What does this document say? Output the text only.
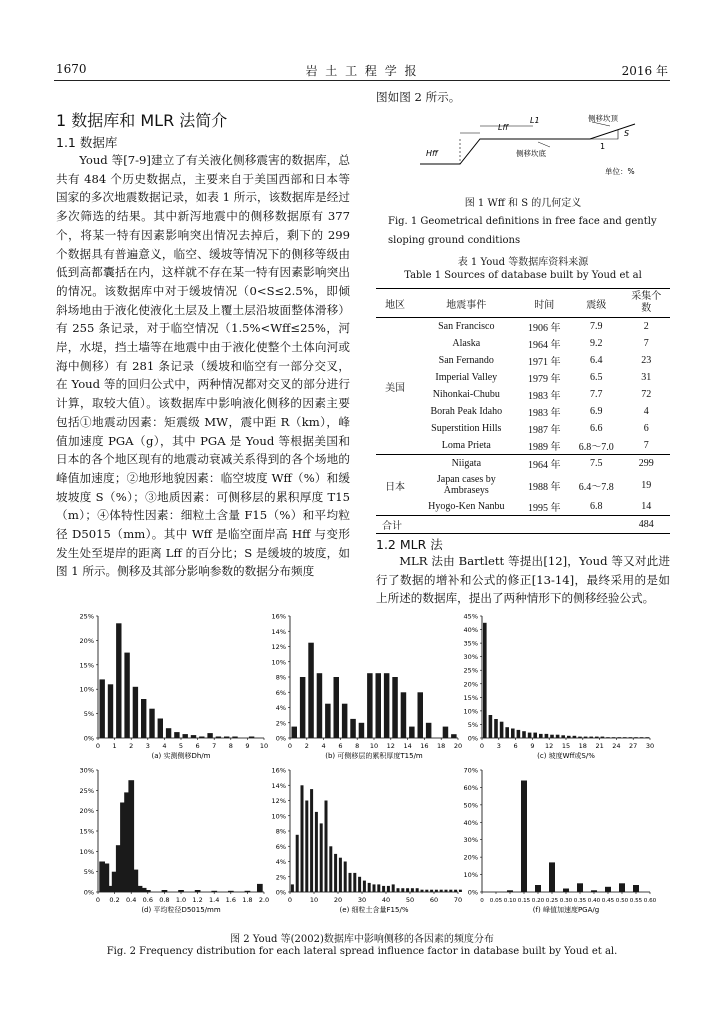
1670	岩 土 工 程 学 报	2016 年
1 数据库和 MLR 法简介
1.1 数据库

Youd 等[7-9]建立了有关液化侧移震害的数据库，总共有 484 个历史数据点，主要来自于美国西部和日本等国家的多次地震数据记录，如表 1 所示，该数据库是经过多次筛选的结果。其中新泻地震中的侧移数据原有 377 个，将某一特有因素影响突出情况去掉后，剩下的 299 个数据具有普遍意义，临空、缓坡等情况下的侧移等级由低到高都囊括在内，这样就不存在某一特有因素影响突出的情况。该数据库中对于缓坡情况（0<S≤2.5%，即倾斜场地由于液化使液化土层及上覆土层沿坡面整体滑移）有 255 条记录，对于临空情况（1.5%<Wff≤25%，河岸，水堤，挡土墙等在地震中由于液化使整个土体向河或海中侧移）有 281 条记录（缓坡和临空有一部分交叉，在 Youd 等的回归公式中，两种情况都对交叉的部分进行计算，取较大值）。该数据库中影响液化侧移的因素主要包括①地震动因素：矩震级 MW，震中距 R（km），峰值加速度 PGA（g），其中 PGA 是 Youd 等根据美国和日本的各个地区现有的地震动衰减关系得到的各个场地的峰值加速度；②地形地貌因素：临空坡度 Wff（%）和缓坡坡度 S（%）；③地质因素：可侧移层的累积厚度 T15（m）；④体特性因素：细粒土含量 F15（%）和平均粒径 D5015（mm）。其中 Wff 是临空面岸高 Hff 与变形发生处至堤岸的距离 Lff 的百分比；S 是缓坡的坡度，如图 1 所示。侧移及其部分影响参数的数据分布频度

图如图 2 所示。

Lff
Hff
L1	侧移坎顶
侧移坎底
S
1
单位：%
图 1 Wff 和 S 的几何定义
Fig. 1 Geometrical definitions in free face and gently sloping ground conditions
表 1 Youd 等数据库资料来源
Table 1 Sources of database built by Youd et al
地区	地震事件	时间	震级	采集个数
美国	San Francisco	1906 年	7.9	2
	Alaska	1964 年	9.2	7
	San Fernando	1971 年	6.4	23
	Imperial Valley	1979 年	6.5	31
	Nihonkai-Chubu	1983 年	7.7	72
	Borah Peak Idaho	1983 年	6.9	4
	Superstition Hills	1987 年	6.6	6
	Loma Prieta	1989 年	6.8～7.0	7
日本	Niigata	1964 年	7.5	299
	Japan cases by Ambraseys	1988 年	6.4～7.8	19
	Hyogo-Ken Nanbu	1995 年	6.8	14
合计				484
1.2 MLR 法

MLR 法由 Bartlett 等提出[12]，Youd 等又对此进行了数据的增补和公式的修正[13-14]，最终采用的是如上所述的数据库，提出了两种情形下的侧移经验公式。

0%
5%
10%
15%
20%
25%
0 1 2 3 4 5 6 7 8 9 10
(a) 实测侧移Dh/m
0%
2%
4%
6%
8%
10%
12%
14%
16%
0 2 4 6 8 10 12 14 16 18 20
(b) 可侧移层的累积厚度T15/m
0%
5%
10%
15%
20%
25%
30%
35%
40%
45%
0 3 6 9 12 15 18 21 24 27 30
(c) 坡度Wff或S/%
0%
5%
10%
15%
20%
25%
30%
0 0.2 0.4 0.6 0.8 1.0 1.2 1.4 1.6 1.8 2.0
(d) 平均粒径D5015/mm
0%
2%
4%
6%
8%
10%
12%
14%
16%
0	10 20 30 40 50 60 70
(e) 细粒土含量F15/%
0%
10%
20%
30%
40%
50%
60%
70%
0 0.05 0.10 0.15 0.20 0.25 0.30 0.35 0.40 0.45 0.50 0.55 0.60
(f) 峰值加速度PGA/g
图 2 Youd 等(2002)数据库中影响侧移的各因素的频度分布
Fig. 2 Frequency distribution for each lateral spread influence factor in database built by Youd et al.
